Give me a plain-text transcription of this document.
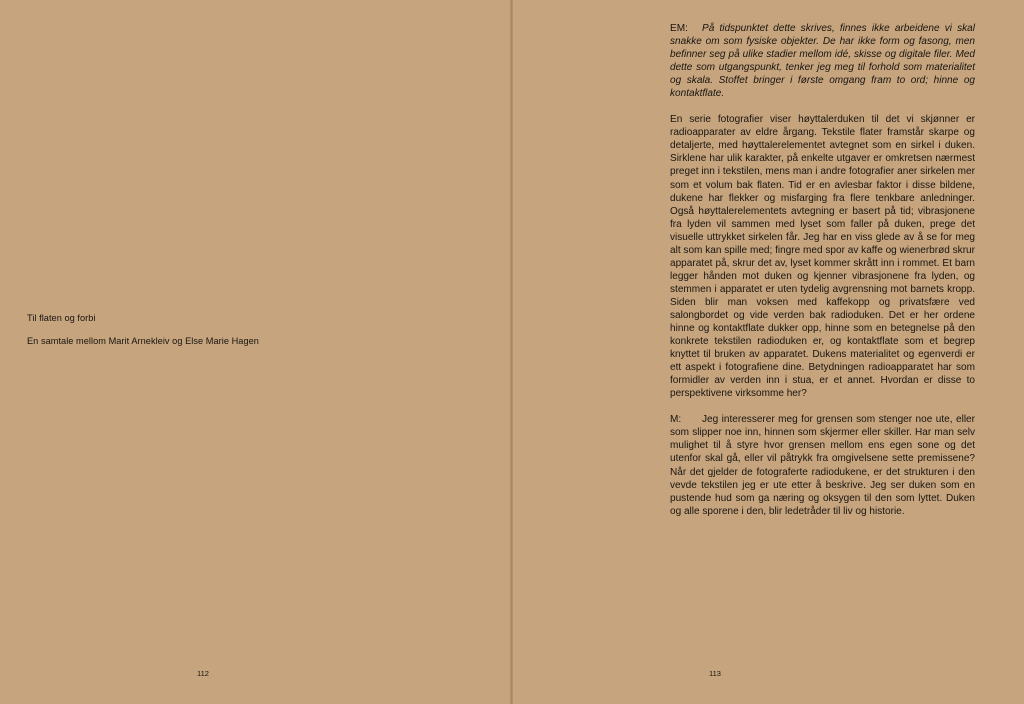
Til flaten og forbi
En samtale mellom Marit Arnekleiv og Else Marie Hagen
112

EM: På tidspunktet dette skrives, finnes ikke arbeidene vi skal snakke om som fysiske objekter. De har ikke form og fasong, men befinner seg på ulike stadier mellom idé, skisse og digitale filer. Med dette som utgangspunkt, tenker jeg meg til forhold som materialitet og skala. Stoffet bringer i første omgang fram to ord; hinne og kontaktflate.

En serie fotografier viser høyttalerduken til det vi skjønner er radioapparater av eldre årgang. Tekstile flater framstår skarpe og detaljerte, med høyttalerelementet avtegnet som en sirkel i duken. Sirklene har ulik karakter, på enkelte utgaver er omkretsen nærmest preget inn i tekstilen, mens man i andre fotografier aner sirkelen mer som et volum bak flaten. Tid er en avlesbar faktor i disse bildene, dukene har flekker og misfarging fra flere tenkbare anledninger. Også høyttalerelementets avtegning er basert på tid; vibrasjonene fra lyden vil sammen med lyset som faller på duken, prege det visuelle uttrykket sirkelen får. Jeg har en viss glede av å se for meg alt som kan spille med; fingre med spor av kaffe og wienerbrød skrur apparatet på, skrur det av, lyset kommer skrått inn i rommet. Et barn legger hånden mot duken og kjenner vibrasjonene fra lyden, og stemmen i apparatet er uten tydelig avgrensning mot barnets kropp. Siden blir man voksen med kaffekopp og privatsfære ved salongbordet og vide verden bak radioduken. Det er her ordene hinne og kontaktflate dukker opp, hinne som en betegnelse på den konkrete tekstilen radioduken er, og kontaktflate som et begrep knyttet til bruken av apparatet. Dukens materialitet og egenverdi er ett aspekt i fotografiene dine. Betydningen radioapparatet har som formidler av verden inn i stua, er et annet. Hvordan er disse to perspektivene virksomme her?

M: Jeg interesserer meg for grensen som stenger noe ute, eller som slipper noe inn, hinnen som skjermer eller skiller. Har man selv mulighet til å styre hvor grensen mellom ens egen sone og det utenfor skal gå, eller vil påtrykk fra omgivelsene sette premissene? Når det gjelder de fotograferte radiodukene, er det strukturen i den vevde tekstilen jeg er ute etter å beskrive. Jeg ser duken som en pustende hud som ga næring og oksygen til den som lyttet. Duken og alle sporene i den, blir ledetråder til liv og historie.

113
